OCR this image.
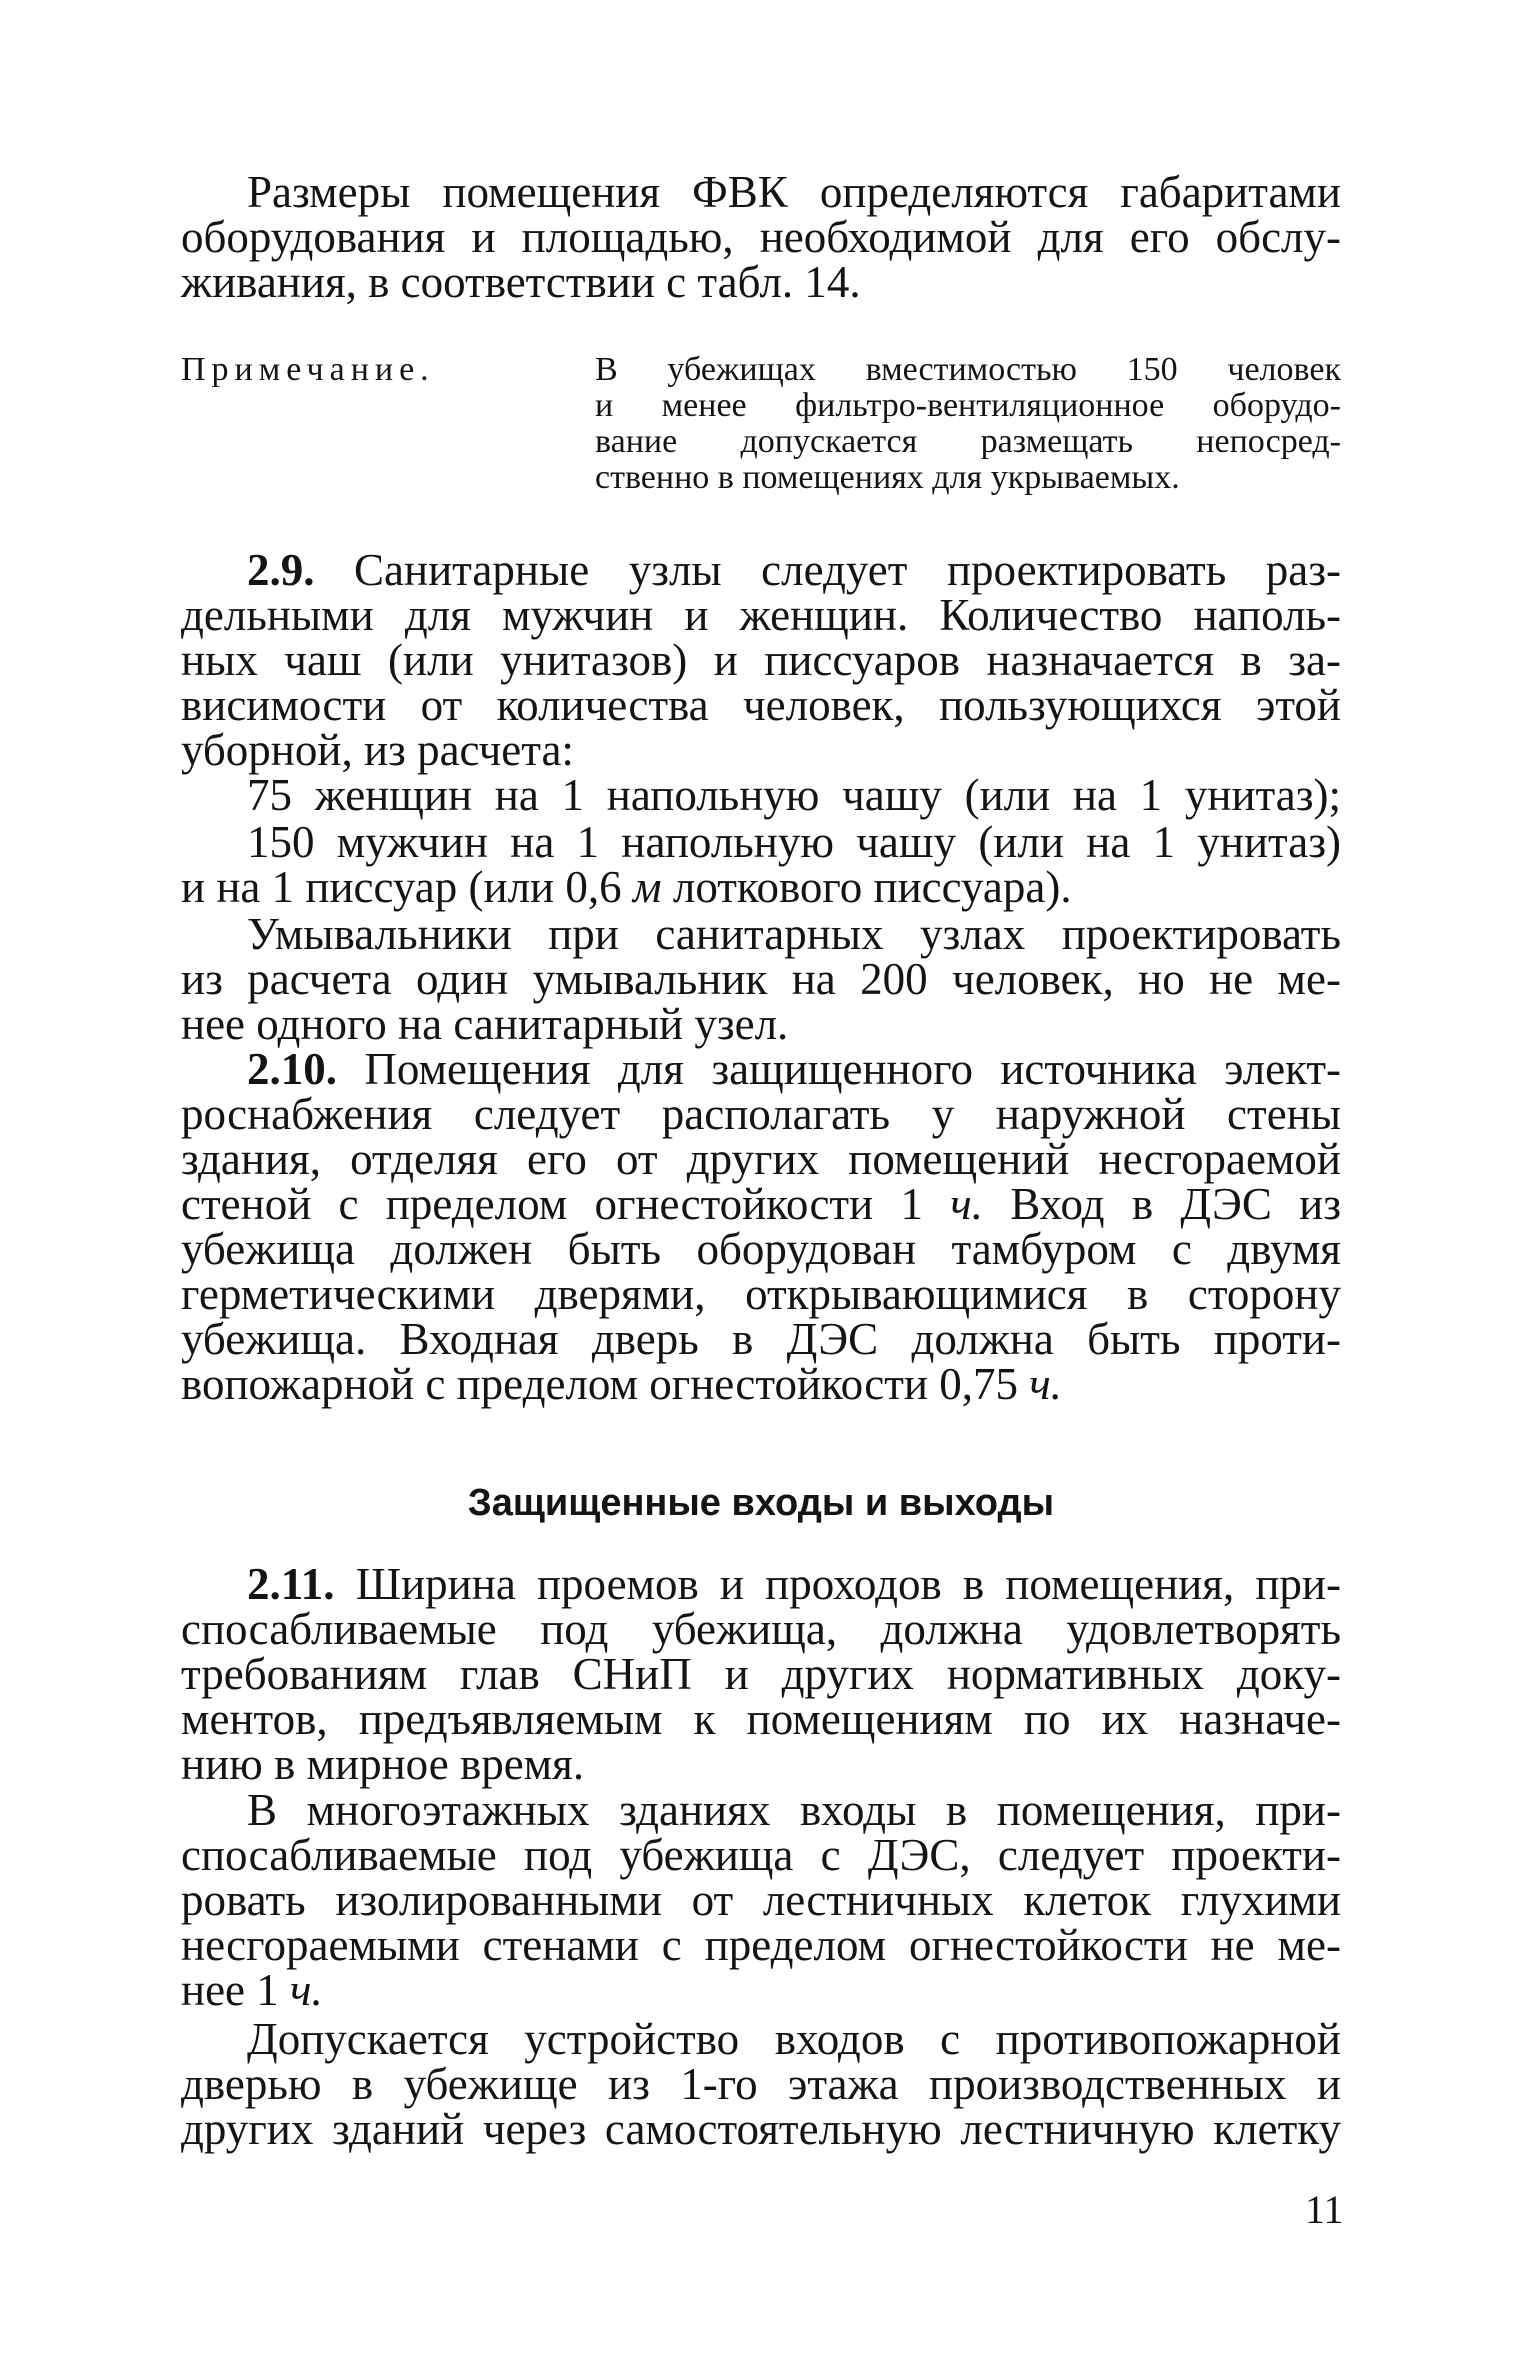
Размеры помещения ФВК определяются габаритами
оборудования и площадью, необходимой для его обслу-
живания, в соответствии с табл. 14.
Примечание.	В убежищах вместимостью 150 человек
и менее фильтро-вентиляционное оборудо-
вание допускается размещать непосред-
ственно в помещениях для укрываемых.
2.9. Санитарные узлы следует проектировать раз-
дельными для мужчин и женщин. Количество наполь-
ных чаш (или унитазов) и писсуаров назначается в за-
висимости от количества человек, пользующихся этой
уборной, из расчета:
75 женщин на 1 напольную чашу (или на 1 унитаз);
150 мужчин на 1 напольную чашу (или на 1 унитаз)
и на 1 писсуар (или 0,6 м лоткового писсуара).
Умывальники при санитарных узлах проектировать
из расчета один умывальник на 200 человек, но не ме-
нее одного на санитарный узел.
2.10. Помещения для защищенного источника элект-
роснабжения следует располагать у наружной стены
здания, отделяя его от других помещений несгораемой
стеной с пределом огнестойкости 1 ч. Вход в ДЭС из
убежища должен быть оборудован тамбуром с двумя
герметическими дверями, открывающимися в сторону
убежища. Входная дверь в ДЭС должна быть проти-
вопожарной с пределом огнестойкости 0,75 ч.
Защищенные входы и выходы
2.11. Ширина проемов и проходов в помещения, при-
спосабливаемые под убежища, должна удовлетворять
требованиям глав СНиП и других нормативных доку-
ментов, предъявляемым к помещениям по их назначе-
нию в мирное время.
В многоэтажных зданиях входы в помещения, при-
спосабливаемые под убежища с ДЭС, следует проекти-
ровать изолированными от лестничных клеток глухими
несгораемыми стенами с пределом огнестойкости не ме-
нее 1 ч.
Допускается устройство входов с противопожарной
дверью в убежище из 1-го этажа производственных и
других зданий через самостоятельную лестничную клетку
11
